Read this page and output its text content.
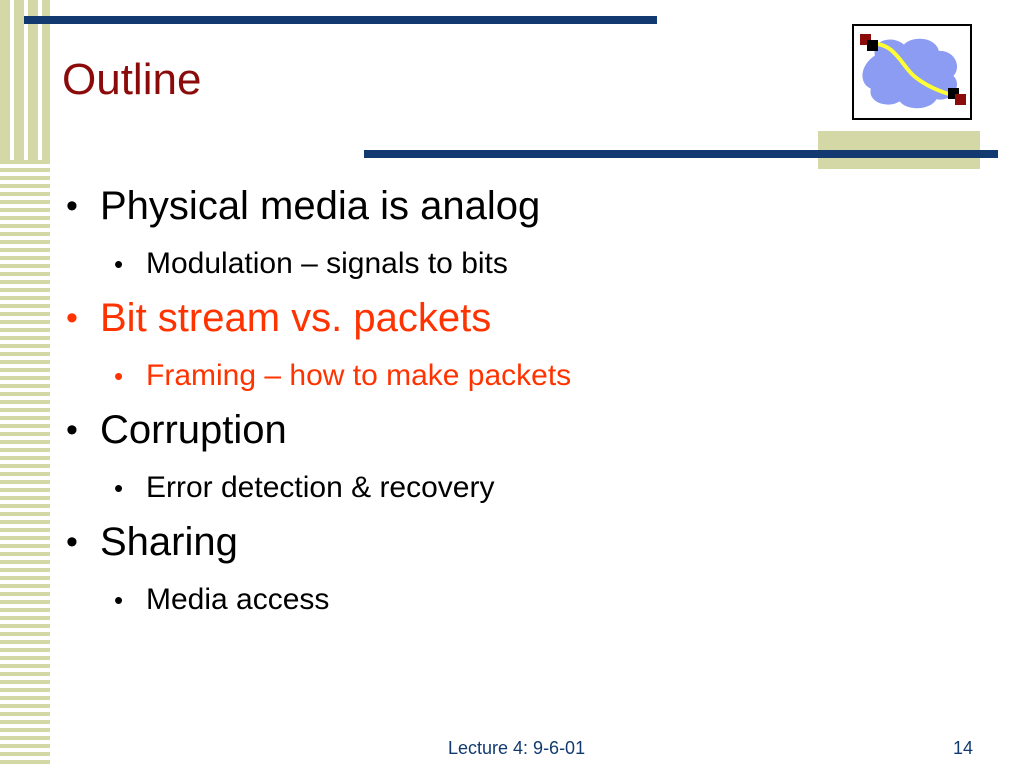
Outline
• Physical media is analog
• Modulation – signals to bits
• Bit stream vs. packets
• Framing – how to make packets
• Corruption
• Error detection & recovery
• Sharing
• Media access
Lecture 4: 9-6-01	14
